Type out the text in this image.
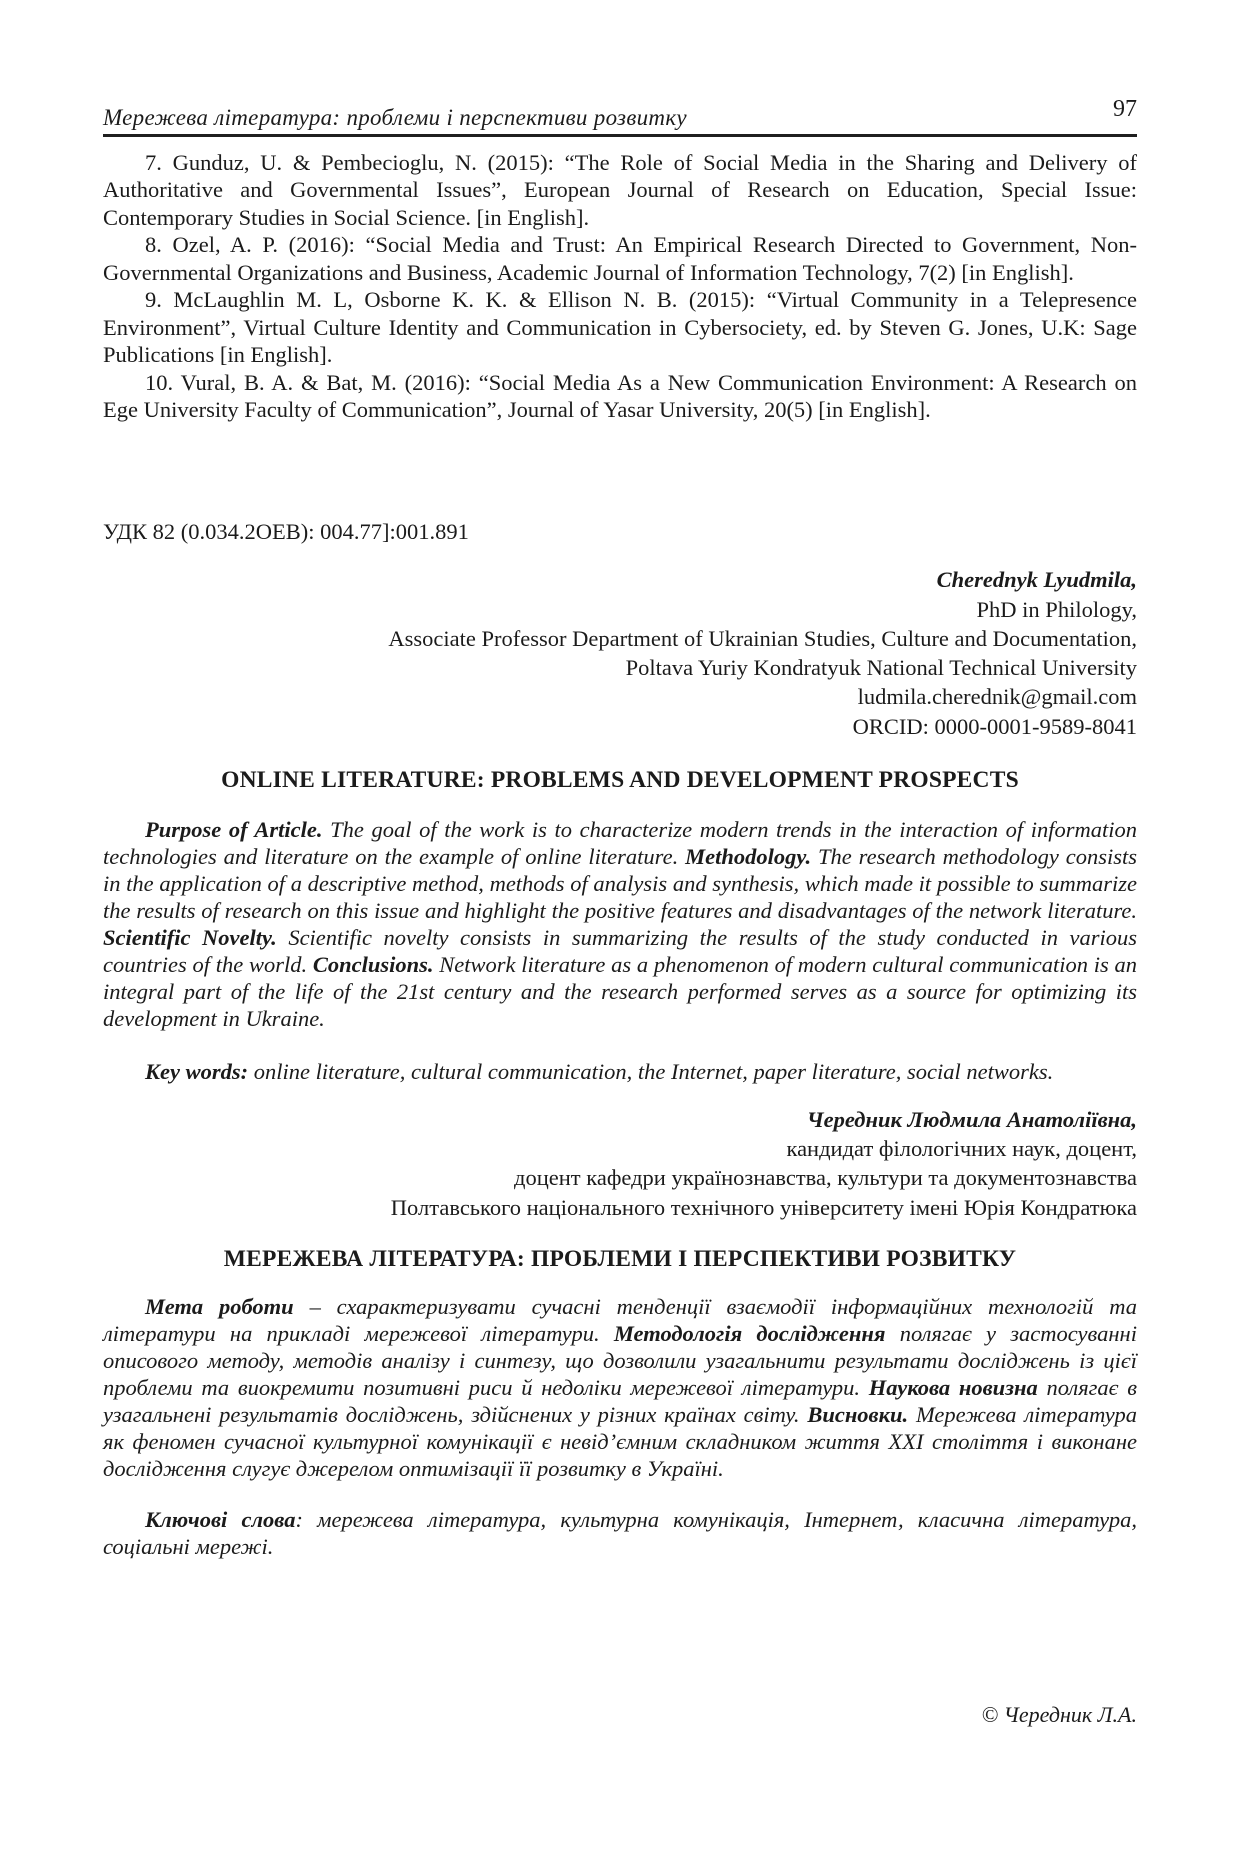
Мережева література: проблеми і перспективи розвитку	97

7. Gunduz, U. & Pembecioglu, N. (2015): “The Role of Social Media in the Sharing and Delivery of Authoritative and Governmental Issues”, European Journal of Research on Education, Special Issue: Contemporary Studies in Social Science. [in English].

8. Ozel, A. P. (2016): “Social Media and Trust: An Empirical Research Directed to Government, Non-Governmental Organizations and Business, Academic Journal of Information Technology, 7(2) [in English].

9. McLaughlin M. L, Osborne K. K. & Ellison N. B. (2015): “Virtual Community in a Telepresence Environment”, Virtual Culture Identity and Communication in Cybersociety, ed. by Steven G. Jones, U.K: Sage Publications [in English].

10. Vural, B. A. & Bat, M. (2016): “Social Media As a New Communication Environment: A Research on Ege University Faculty of Communication”, Journal of Yasar University, 20(5) [in English].

УДК 82 (0.034.2ОЕВ): 004.77]:001.891

Cherednyk Lyudmila,

PhD in Philology,

Associate Professor Department of Ukrainian Studies, Culture and Documentation,

Poltava Yuriy Kondratyuk National Technical University

ludmila.cherednik@gmail.com

ORCID: 0000-0001-9589-8041

ONLINE LITERATURE: PROBLEMS AND DEVELOPMENT PROSPECTS

Purpose of Article. The goal of the work is to characterize modern trends in the interaction of information technologies and literature on the example of online literature. Methodology. The research methodology consists in the application of a descriptive method, methods of analysis and synthesis, which made it possible to summarize the results of research on this issue and highlight the positive features and disadvantages of the network literature. Scientific Novelty. Scientific novelty consists in summarizing the results of the study conducted in various countries of the world. Conclusions. Network literature as a phenomenon of modern cultural communication is an integral part of the life of the 21st century and the research performed serves as a source for optimizing its development in Ukraine.

Key words: online literature, cultural communication, the Internet, paper literature, social networks.

Чередник Людмила Анатоліївна,

кандидат філологічних наук, доцент,

доцент кафедри українознавства, культури та документознавства

Полтавського національного технічного університету імені Юрія Кондратюка

МЕРЕЖЕВА ЛІТЕРАТУРА: ПРОБЛЕМИ І ПЕРСПЕКТИВИ РОЗВИТКУ

Мета роботи – схарактеризувати сучасні тенденції взаємодії інформаційних технологій та літератури на прикладі мережевої літератури. Методологія дослідження полягає у застосуванні описового методу, методів аналізу і синтезу, що дозволили узагальнити результати досліджень із цієї проблеми та виокремити позитивні риси й недоліки мережевої літератури. Наукова новизна полягає в узагальнені результатів досліджень, здійснених у різних країнах світу. Висновки. Мережева література як феномен сучасної культурної комунікації є невід’ємним складником життя ХХІ століття і виконане дослідження слугує джерелом оптимізації її розвитку в Україні.

Ключові слова: мережева література, культурна комунікація, Інтернет, класична література, соціальні мережі.

© Чередник Л.А.
